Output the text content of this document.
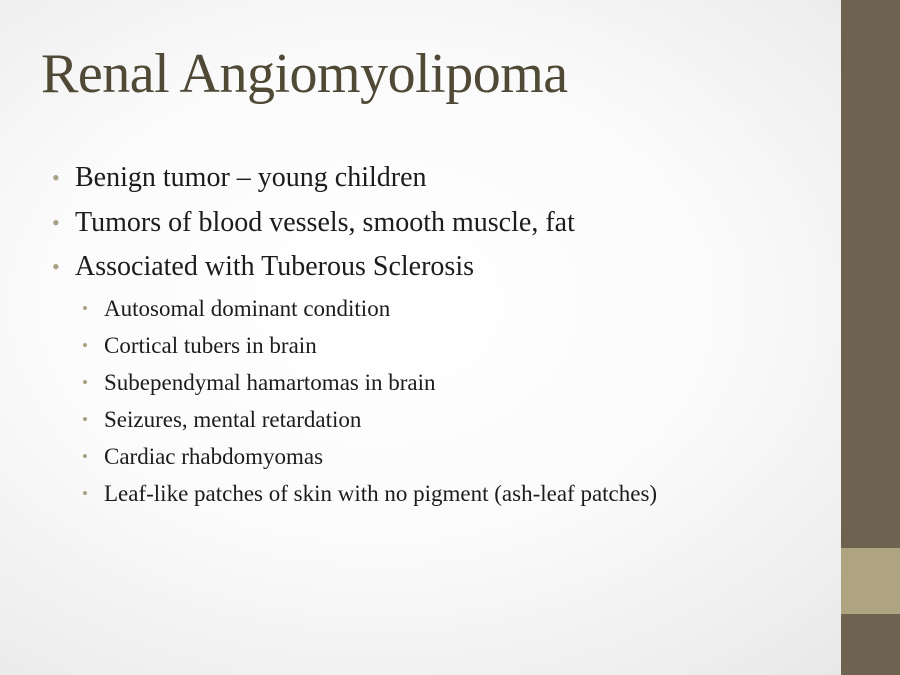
Renal Angiomyolipoma
• Benign tumor – young children
• Tumors of blood vessels, smooth muscle, fat
• Associated with Tuberous Sclerosis
• Autosomal dominant condition
• Cortical tubers in brain
• Subependymal hamartomas in brain
• Seizures, mental retardation
• Cardiac rhabdomyomas
• Leaf-like patches of skin with no pigment (ash-leaf patches)
